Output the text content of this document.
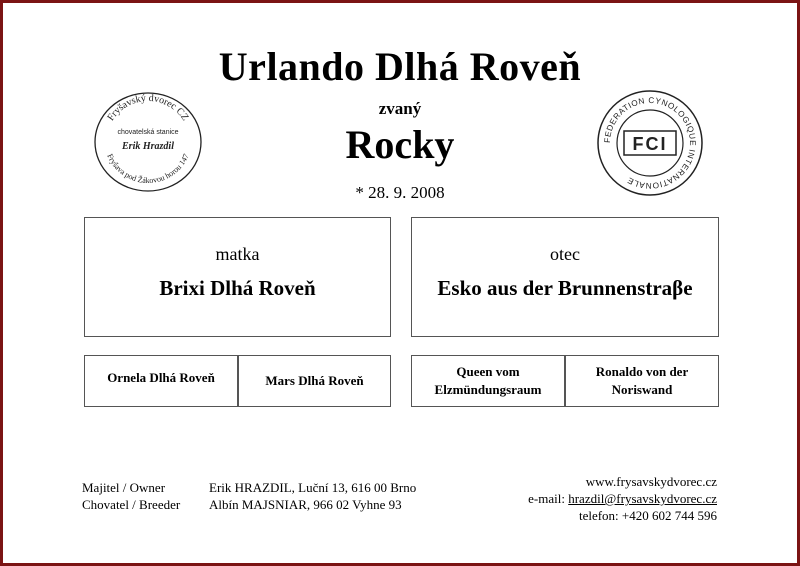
Fryšavský dvorec CZ
chovatelská stanice
Erik Hrazdil
Fryšava pod Žákovou horou 147
FEDERATION CYNOLOGIQUE INTERNATIONALE
FCI
Urlando Dlhá Roveň
zvaný
Rocky
* 28. 9. 2008
matka
Brixi Dlhá Roveň
otec
Esko aus der Brunnenstraβe
Ornela Dlhá Roveň	Mars Dlhá Roveň
Queen vom Elzmündungsraum
Ronaldo von der Noriswand
Majitel / Owner	Erik HRAZDIL, Luční 13, 616 00 Brno
Chovatel / Breeder Albín MAJSNIAR, 966 02 Vyhne 93
www.frysavskydvorec.cz
e-mail: hrazdil@frysavskydvorec.cz
telefon: +420 602 744 596
